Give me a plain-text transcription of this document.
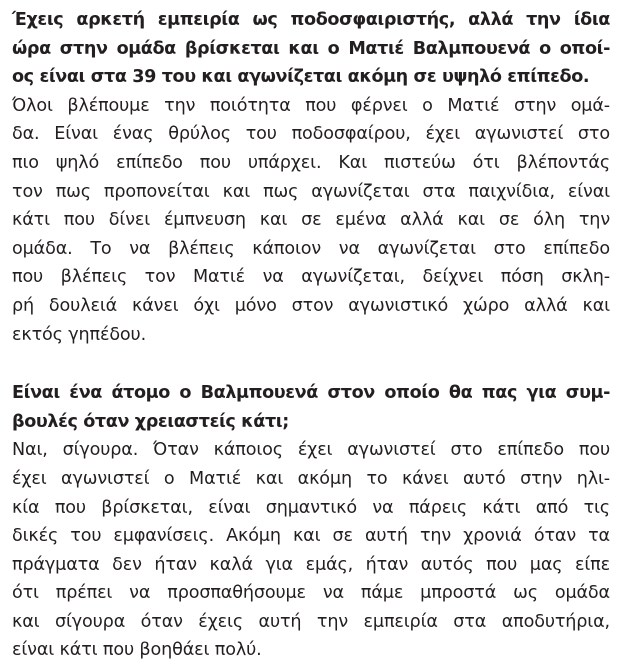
Έχεις αρκετή εμπειρία ως ποδοσφαιριστής, αλλά την ίδια
ώρα στην ομάδα βρίσκεται και ο Ματιέ Βαλμπουενά ο οποί-
ος είναι στα 39 του και αγωνίζεται ακόμη σε υψηλό επίπεδο.

Όλοι βλέπουμε την ποιότητα που φέρνει ο Ματιέ στην ομά-
δα. Είναι ένας θρύλος του ποδοσφαίρου, έχει αγωνιστεί στο
πιο ψηλό επίπεδο που υπάρχει. Και πιστεύω ότι βλέποντάς
τον πως προπονείται και πως αγωνίζεται στα παιχνίδια, είναι
κάτι που δίνει έμπνευση και σε εμένα αλλά και σε όλη την
ομάδα. Το να βλέπεις κάποιον να αγωνίζεται στο επίπεδο
που βλέπεις τον Ματιέ να αγωνίζεται, δείχνει πόση σκλη-
ρή δουλειά κάνει όχι μόνο στον αγωνιστικό χώρο αλλά και
εκτός γηπέδου.

Είναι ένα άτομο ο Βαλμπουενά στον οποίο θα πας για συμ-
βουλές όταν χρειαστείς κάτι;

Ναι, σίγουρα. Όταν κάποιος έχει αγωνιστεί στο επίπεδο που
έχει αγωνιστεί ο Ματιέ και ακόμη το κάνει αυτό στην ηλι-
κία που βρίσκεται, είναι σημαντικό να πάρεις κάτι από τις
δικές του εμφανίσεις. Ακόμη και σε αυτή την χρονιά όταν τα
πράγματα δεν ήταν καλά για εμάς, ήταν αυτός που μας είπε
ότι πρέπει να προσπαθήσουμε να πάμε μπροστά ως ομάδα
και σίγουρα όταν έχεις αυτή την εμπειρία στα αποδυτήρια,
είναι κάτι που βοηθάει πολύ.
